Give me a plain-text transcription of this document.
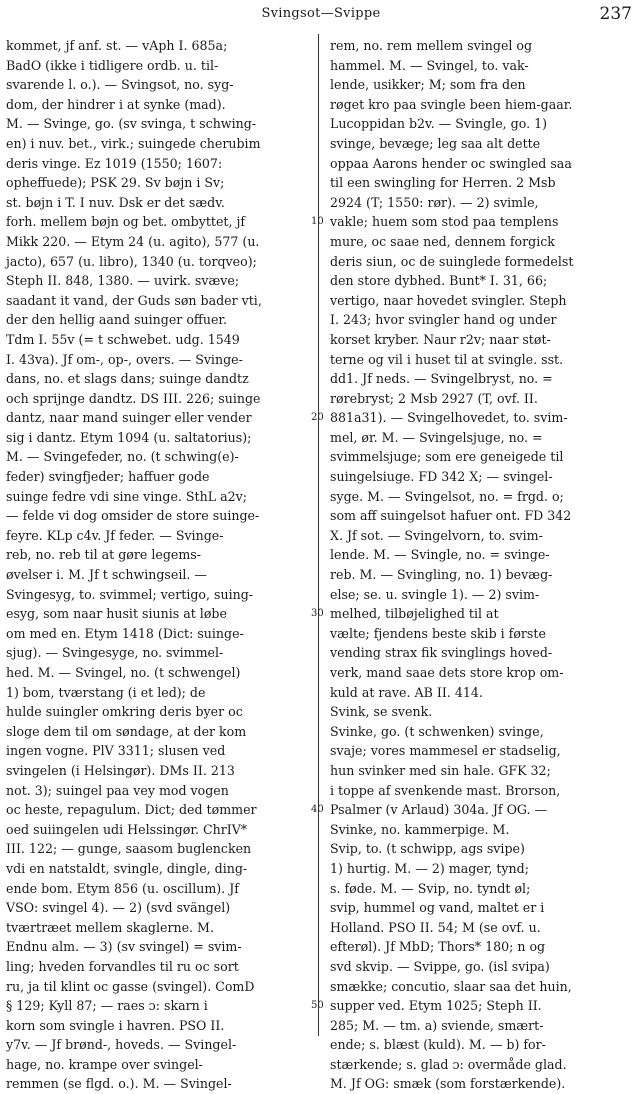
Svingsot—Svippe	237
kommet, jf anf. st. — vAph I. 685a;
BadO (ikke i tidligere ordb. u. til-
svarende l. o.). — Svingsot, no. syg-
dom, der hindrer i at synke (mad).
M. — Svinge, go. (sv svinga, t schwing-
en) i nuv. bet., virk.; suingede cherubim
deris vinge. Ez 1019 (1550; 1607:
opheffuede); PSK 29. Sv bøjn i Sv;
st. bøjn i T. I nuv. Dsk er det sædv.
forh. mellem bøjn og bet. ombyttet, jf
Mikk 220. — Etym 24 (u. agito), 577 (u.
jacto), 657 (u. libro), 1340 (u. torqveo);
Steph II. 848, 1380. — uvirk. svæve;
saadant it vand, der Guds søn bader vti,
der den hellig aand suinger offuer.
Tdm I. 55v (= t schwebet. udg. 1549
I. 43va). Jf om-, op-, overs. — Svinge-
dans, no. et slags dans; suinge dandtz
och sprijnge dandtz. DS III. 226; suinge
dantz, naar mand suinger eller vender
sig i dantz. Etym 1094 (u. saltatorius);
M. — Svingefeder, no. (t schwing(e)-
feder) svingfjeder; haffuer gode
suinge fedre vdi sine vinge. SthL a2v;
— felde vi dog omsider de store suinge-
feyre. KLp c4v. Jf feder. — Svinge-
reb, no. reb til at gøre legems-
øvelser i. M. Jf t schwingseil. —
Svingesyg, to. svimmel; vertigo, suing-
esyg, som naar husit siunis at løbe
om med en. Etym 1418 (Dict: suinge-
sjug). — Svingesyge, no. svimmel-
hed. M. — Svingel, no. (t schwengel)
1) bom, tværstang (i et led); de
hulde suingler omkring deris byer oc
sloge dem til om søndage, at der kom
ingen vogne. PlV 3311; slusen ved
svingelen (i Helsingør). DMs II. 213
not. 3); suingel paa vey mod vogen
oc heste, repagulum. Dict; ded tømmer
oed suiingelen udi Helssingør. ChrIV*
III. 122; — gunge, saasom buglencken
vdi en natstaldt, svingle, dingle, ding-
ende bom. Etym 856 (u. oscillum). Jf
VSO: svingel 4). — 2) (svd svängel)
tværtræet mellem skaglerne. M.
Endnu alm. — 3) (sv svingel) = svim-
ling; hveden forvandles til ru oc sort
ru, ja til klint oc gasse (svingel). ComD
§ 129; Kyll 87; — raes ɔ: skarn i
korn som svingle i havren. PSO II.
y7v. — Jf brønd-, hoveds. — Svingel-
hage, no. krampe over svingel-
remmen (se flgd. o.). M. — Svingel-
rem, no. rem mellem svingel og
hammel. M. — Svingel, to. vak-
lende, usikker; M; som fra den
røget kro paa svingle been hiem-gaar.
Lucoppidan b2v. — Svingle, go. 1)
svinge, bevæge; leg saa alt dette
oppaa Aarons hender oc swingled saa
til een swingling for Herren. 2 Msb
2924 (T; 1550: rør). — 2) svimle,
vakle; huem som stod paa templens
mure, oc saae ned, dennem forgick
deris siun, oc de suinglede formedelst
den store dybhed. Bunt* I. 31, 66;
vertigo, naar hovedet svingler. Steph
I. 243; hvor svingler hand og under
korset kryber. Naur r2v; naar støt-
terne og vil i huset til at svingle. sst.
dd1. Jf neds. — Svingelbryst, no. =
rørebryst; 2 Msb 2927 (T, ovf. II.
881a31). — Svingelhovedet, to. svim-
mel, ør. M. — Svingelsjuge, no. =
svimmelsjuge; som ere geneigede til
suingelsiuge. FD 342 X; — svingel-
syge. M. — Svingelsot, no. = frgd. o;
som aff suingelsot hafuer ont. FD 342
X. Jf sot. — Svingelvorn, to. svim-
lende. M. — Svingle, no. = svinge-
reb. M. — Svingling, no. 1) bevæg-
else; se. u. svingle 1). — 2) svim-
melhed, tilbøjelighed til at
vælte; fjendens beste skib i første
vending strax fik svinglings hoved-
verk, mand saae dets store krop om-
kuld at rave. AB II. 414.
Svink, se svenk.
Svinke, go. (t schwenken) svinge,
svaje; vores mammesel er stadselig,
hun svinker med sin hale. GFK 32;
i toppe af svenkende mast. Brorson,
Psalmer (v Arlaud) 304a. Jf OG. —
Svinke, no. kammerpige. M.
Svip, to. (t schwipp, ags svipe)
1) hurtig. M. — 2) mager, tynd;
s. føde. M. — Svip, no. tyndt øl;
svip, hummel og vand, maltet er i
Holland. PSO II. 54; M (se ovf. u.
efterøl). Jf MbD; Thors* 180; n og
svd skvip. — Svippe, go. (isl svipa)
smække; concutio, slaar saa det huin,
supper ved. Etym 1025; Steph II.
285; M. — tm. a) sviende, smært-
ende; s. blæst (kuld). M. — b) for-
stærkende; s. glad ɔ: overmåde glad.
M. Jf OG: smæk (som forstærkende).
10
20
30
40
50
